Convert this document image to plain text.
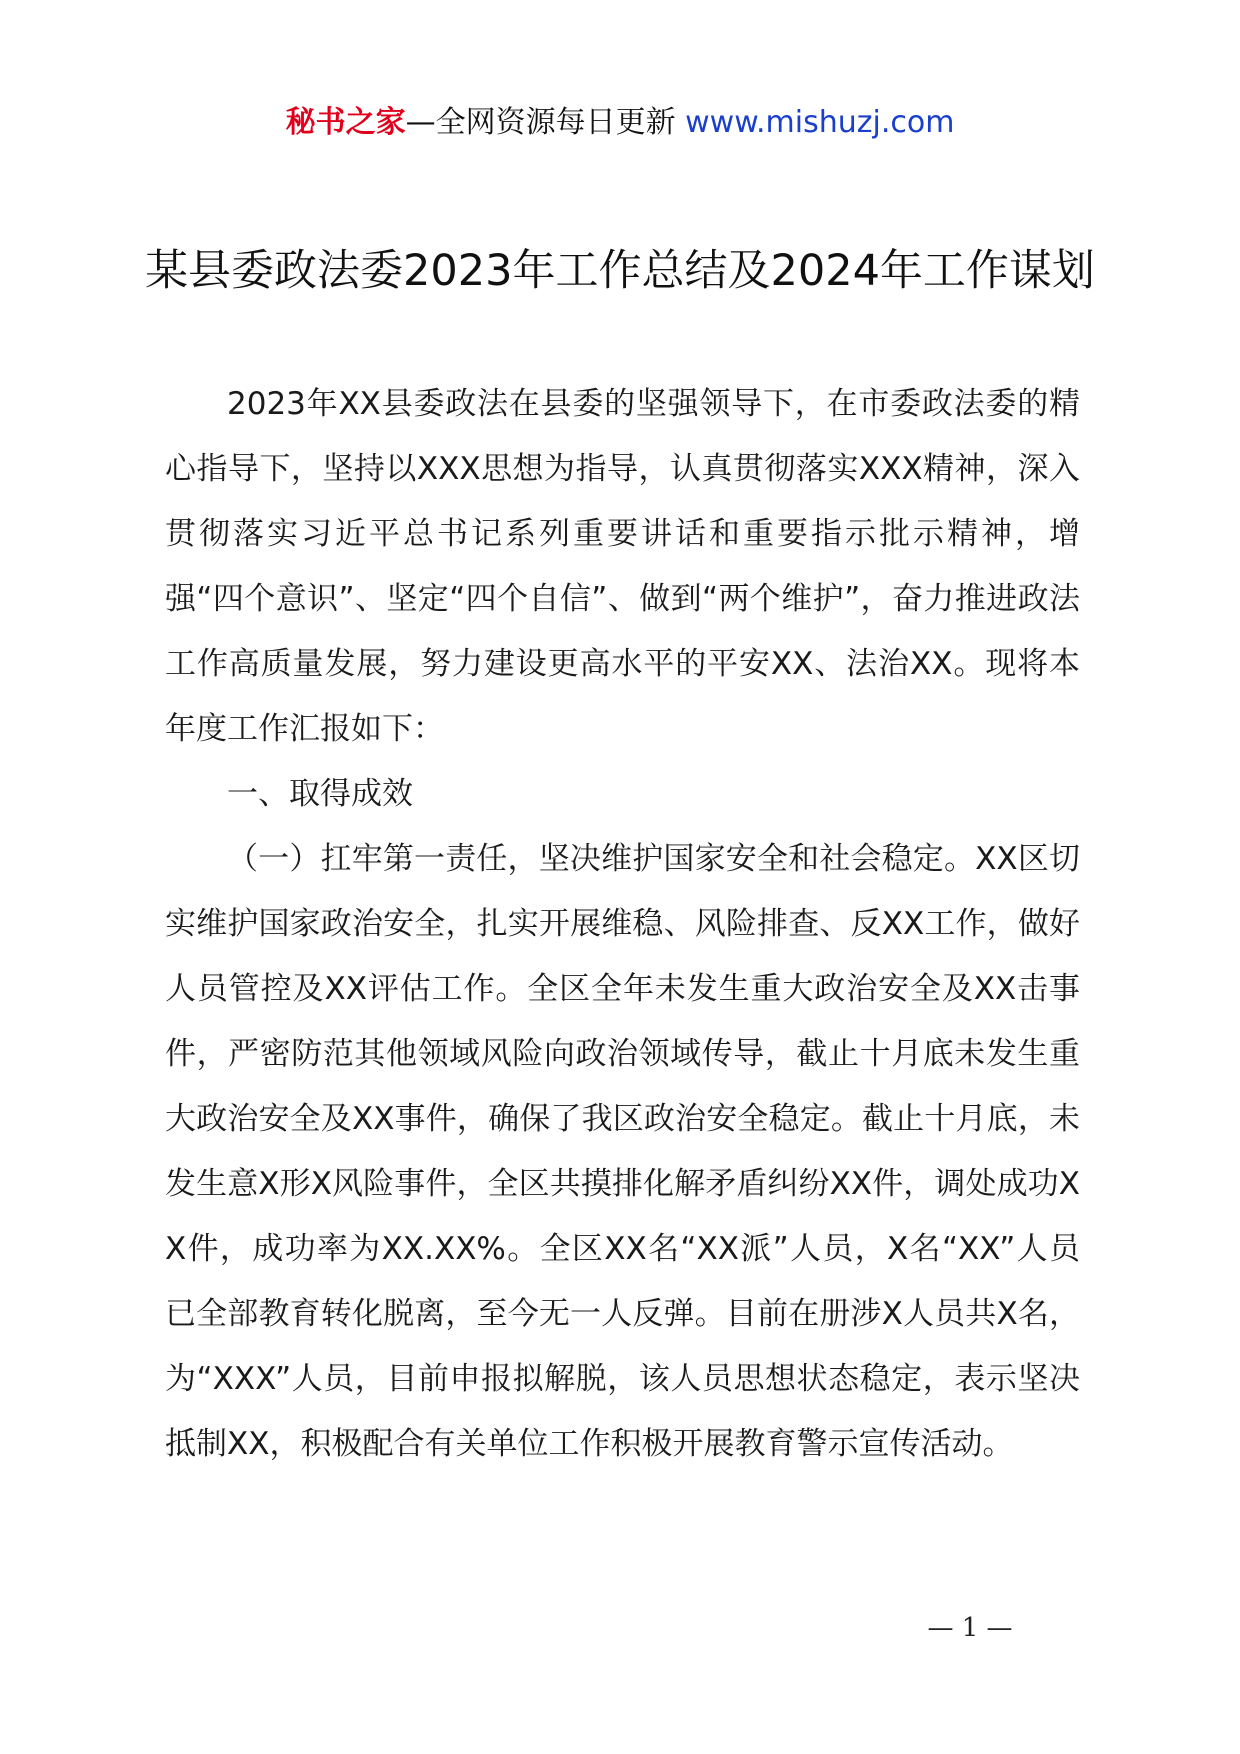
秘书之家—全网资源每日更新 www.mishuzj.com
某县委政法委2023年工作总结及2024年工作谋划

2023年XX县委政法在县委的坚强领导下，在市委政法委的精心指导下，坚持以XXX思想为指导，认真贯彻落实XXX精神，深入贯彻落实习近平总书记系列重要讲话和重要指示批示精神，增强“四个意识”、坚定“四个自信”、做到“两个维护”，奋力推进政法工作高质量发展，努力建设更高水平的平安XX、法治XX。现将本年度工作汇报如下：

一、取得成效

（一）扛牢第一责任，坚决维护国家安全和社会稳定。XX区切实维护国家政治安全，扎实开展维稳、风险排查、反XX工作，做好人员管控及XX评估工作。全区全年未发生重大政治安全及XX击事件，严密防范其他领域风险向政治领域传导，截止十月底未发生重大政治安全及XX事件，确保了我区政治安全稳定。截止十月底，未发生意X形X风险事件，全区共摸排化解矛盾纠纷XX件，调处成功XX件，成功率为XX.XX%。全区XX名“XX派”人员，X名“XX”人员已全部教育转化脱离，至今无一人反弹。目前在册涉X人员共X名，为“XXX”人员，目前申报拟解脱，该人员思想状态稳定，表示坚决抵制XX，积极配合有关单位工作积极开展教育警示宣传活动。

— 1 —
